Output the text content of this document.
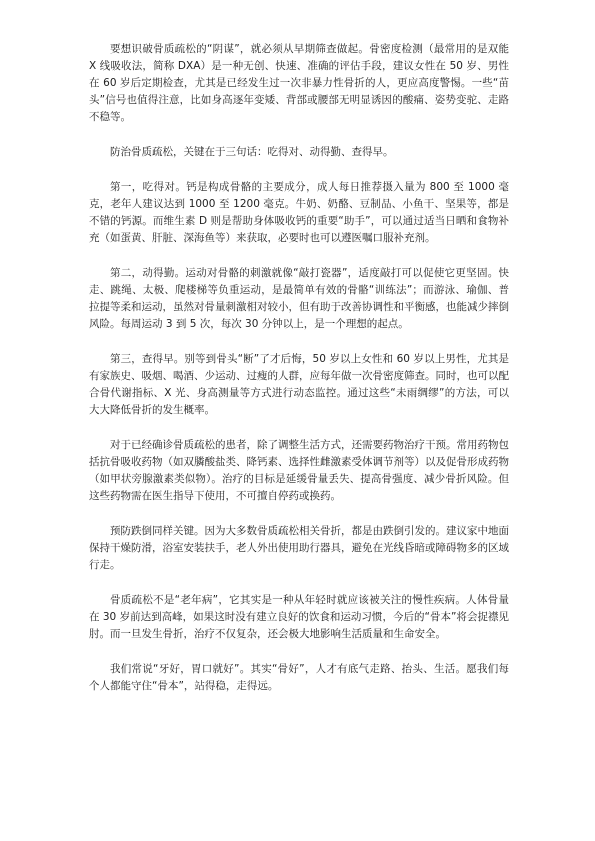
要想识破骨质疏松的“阴谋”，就必须从早期筛查做起。骨密度检测（最常用的是双能 X 线吸收法，简称 DXA）是一种无创、快速、准确的评估手段，建议女性在 50 岁、男性在 60 岁后定期检查，尤其是已经发生过一次非暴力性骨折的人，更应高度警惕。一些“苗头”信号也值得注意，比如身高逐年变矮、背部或腰部无明显诱因的酸痛、姿势变驼、走路不稳等。

防治骨质疏松，关键在于三句话：吃得对、动得勤、查得早。

第一，吃得对。钙是构成骨骼的主要成分，成人每日推荐摄入量为 800 至 1000 毫克，老年人建议达到 1000 至 1200 毫克。牛奶、奶酪、豆制品、小鱼干、坚果等，都是不错的钙源。而维生素 D 则是帮助身体吸收钙的重要“助手”，可以通过适当日晒和食物补充（如蛋黄、肝脏、深海鱼等）来获取，必要时也可以遵医嘱口服补充剂。

第二，动得勤。运动对骨骼的刺激就像“敲打瓷器”，适度敲打可以促使它更坚固。快走、跳绳、太极、爬楼梯等负重运动，是最简单有效的骨骼“训练法”；而游泳、瑜伽、普拉提等柔和运动，虽然对骨量刺激相对较小，但有助于改善协调性和平衡感，也能减少摔倒风险。每周运动 3 到 5 次，每次 30 分钟以上，是一个理想的起点。

第三，查得早。别等到骨头“断”了才后悔，50 岁以上女性和 60 岁以上男性，尤其是有家族史、吸烟、喝酒、少运动、过瘦的人群，应每年做一次骨密度筛查。同时，也可以配合骨代谢指标、X 光、身高测量等方式进行动态监控。通过这些“未雨绸缪”的方法，可以大大降低骨折的发生概率。

对于已经确诊骨质疏松的患者，除了调整生活方式，还需要药物治疗干预。常用药物包括抗骨吸收药物（如双膦酸盐类、降钙素、选择性雌激素受体调节剂等）以及促骨形成药物（如甲状旁腺激素类似物）。治疗的目标是延缓骨量丢失、提高骨强度、减少骨折风险。但这些药物需在医生指导下使用，不可擅自停药或换药。

预防跌倒同样关键。因为大多数骨质疏松相关骨折，都是由跌倒引发的。建议家中地面保持干燥防滑，浴室安装扶手，老人外出使用助行器具，避免在光线昏暗或障碍物多的区域行走。

骨质疏松不是“老年病”，它其实是一种从年轻时就应该被关注的慢性疾病。人体骨量在 30 岁前达到高峰，如果这时没有建立良好的饮食和运动习惯，今后的“骨本”将会捉襟见肘。而一旦发生骨折，治疗不仅复杂，还会极大地影响生活质量和生命安全。

我们常说“牙好，胃口就好”。其实“骨好”，人才有底气走路、抬头、生活。愿我们每个人都能守住“骨本”，站得稳，走得远。
